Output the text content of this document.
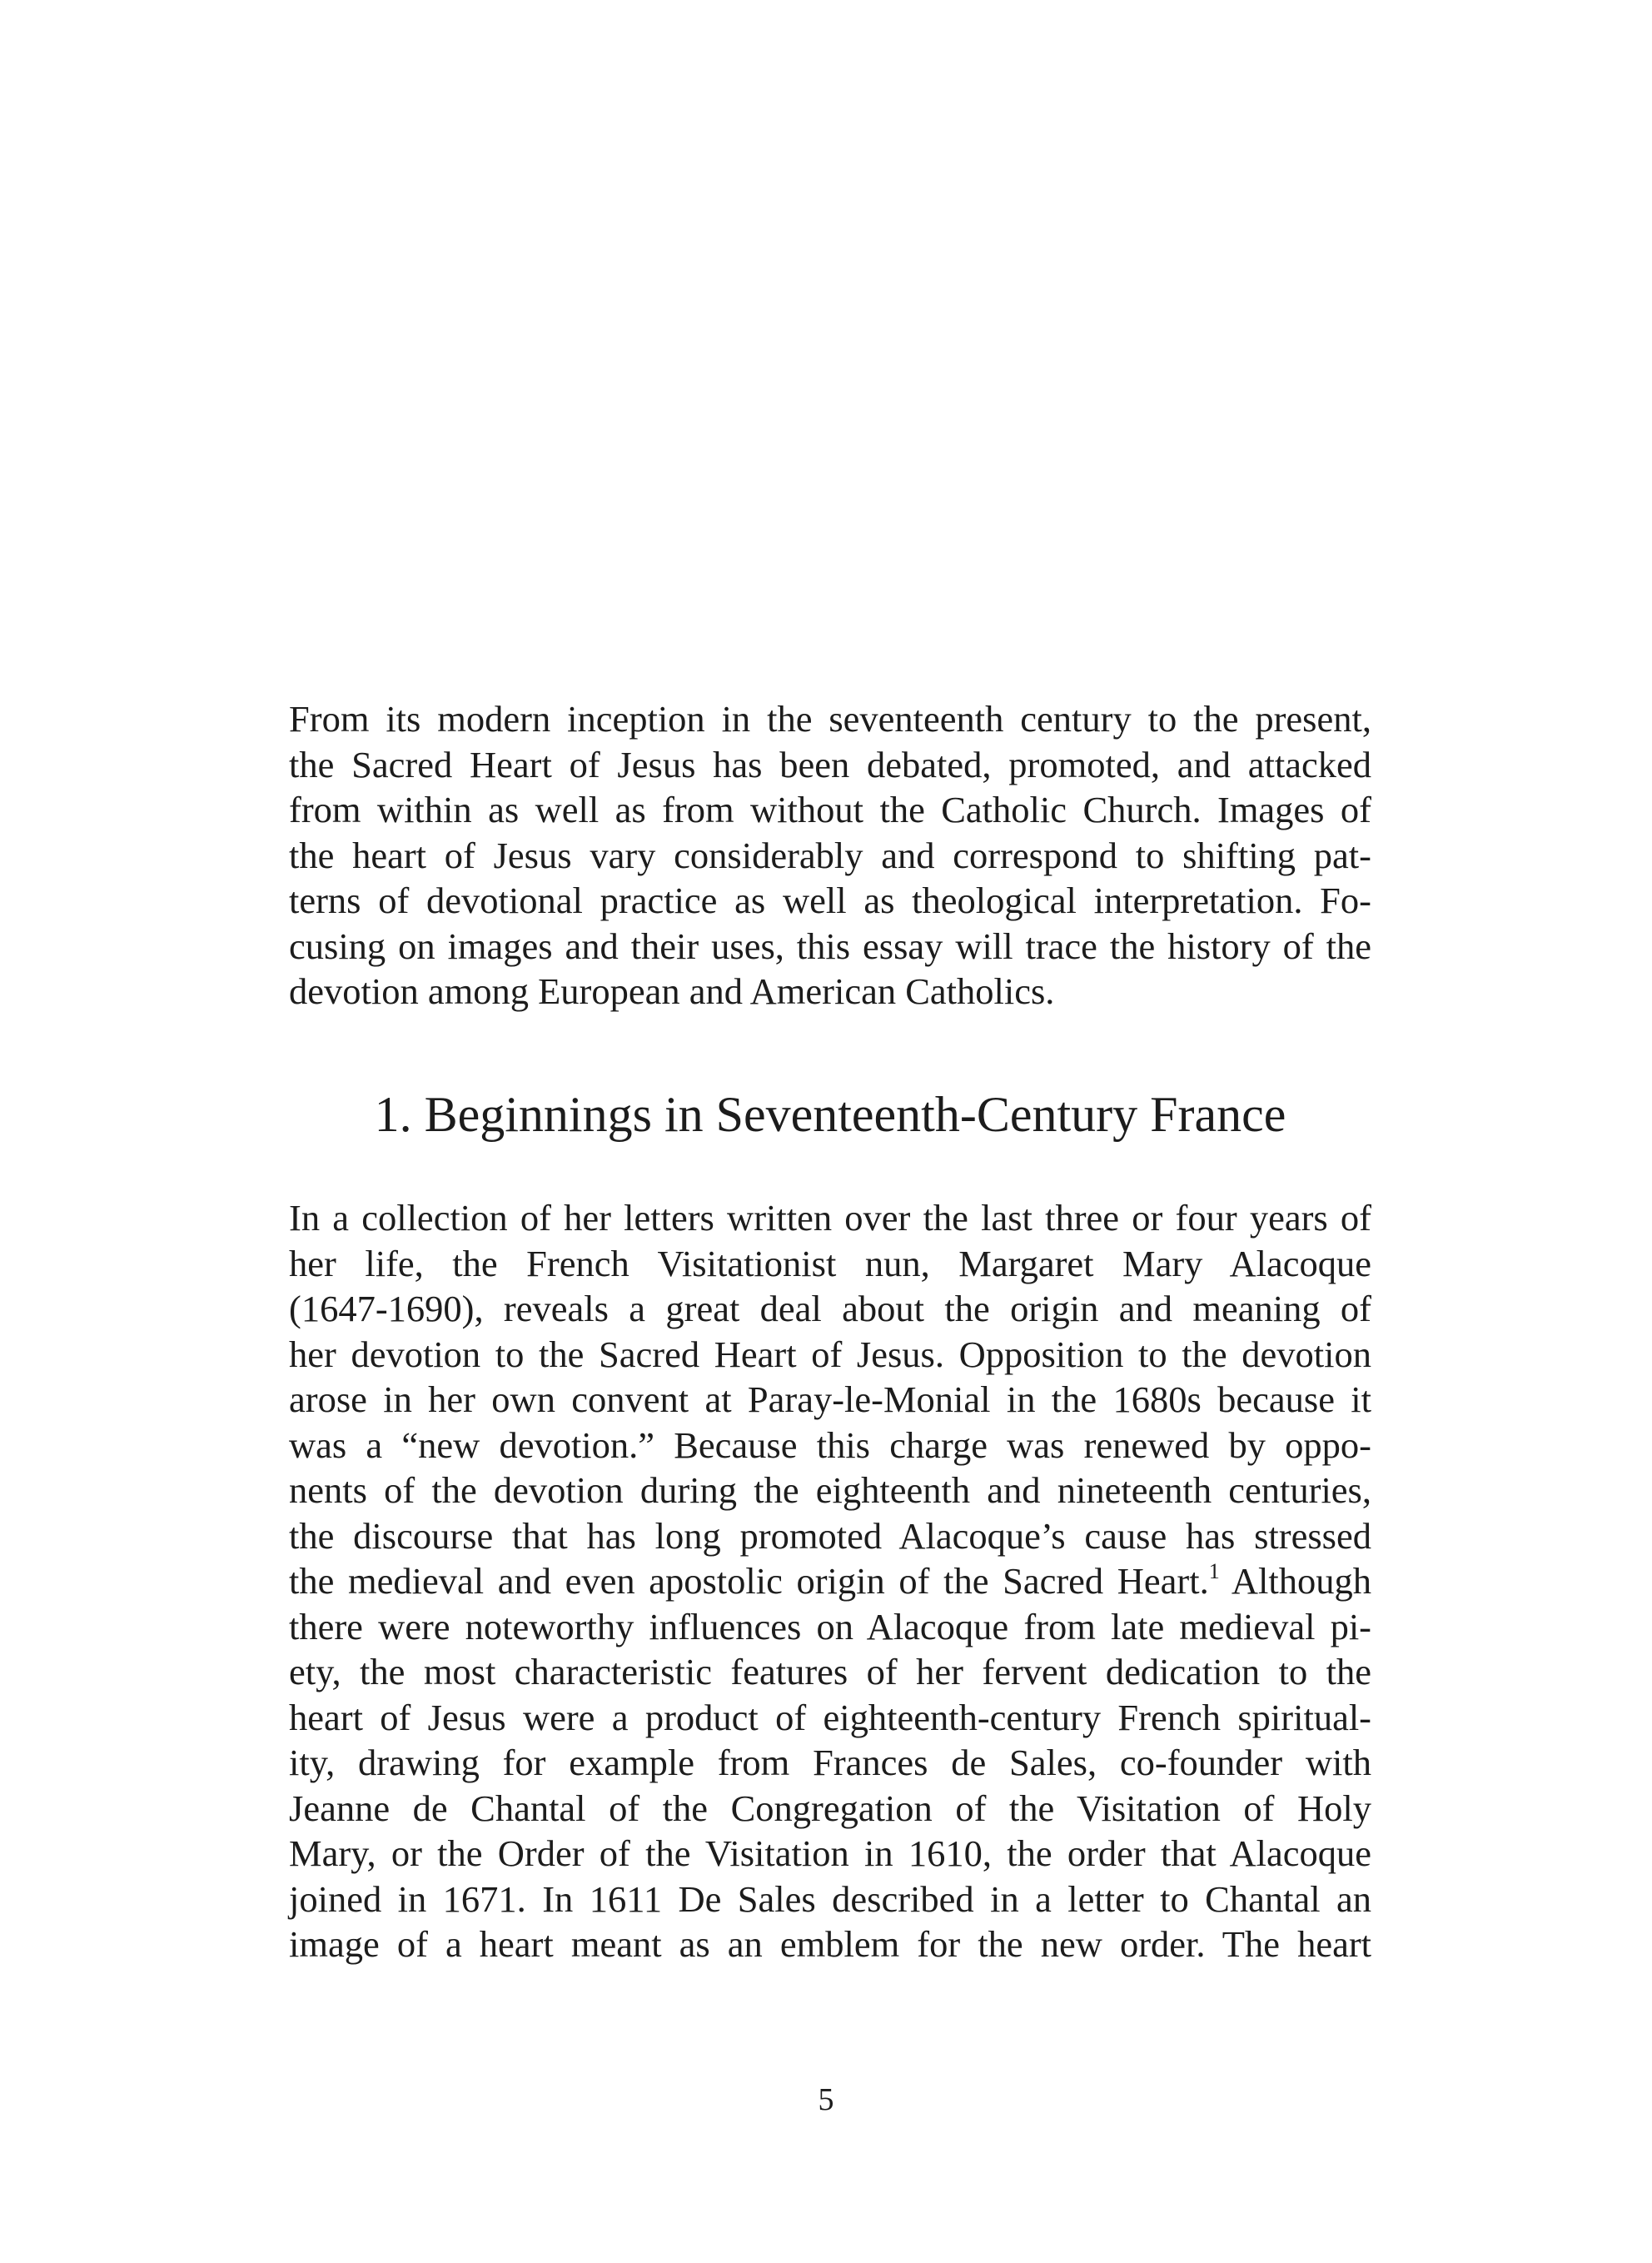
From its modern inception in the seventeenth century to the present,
the Sacred Heart of Jesus has been debated, promoted, and attacked
from within as well as from without the Catholic Church. Images of
the heart of Jesus vary considerably and correspond to shifting pat-
terns of devotional practice as well as theological interpretation. Fo-
cusing on images and their uses, this essay will trace the history of the
devotion among European and American Catholics.
1. Beginnings in Seventeenth-Century France
In a collection of her letters written over the last three or four years of
her life, the French Visitationist nun, Margaret Mary Alacoque
(1647-1690), reveals a great deal about the origin and meaning of
her devotion to the Sacred Heart of Jesus. Opposition to the devotion
arose in her own convent at Paray-le-Monial in the 1680s because it
was a “new devotion.” Because this charge was renewed by oppo-
nents of the devotion during the eighteenth and nineteenth centuries,
the discourse that has long promoted Alacoque’s cause has stressed
the medieval and even apostolic origin of the Sacred Heart.$^1$ Although
there were noteworthy influences on Alacoque from late medieval pi-
ety, the most characteristic features of her fervent dedication to the
heart of Jesus were a product of eighteenth-century French spiritual-
ity, drawing for example from Frances de Sales, co-founder with
Jeanne de Chantal of the Congregation of the Visitation of Holy
Mary, or the Order of the Visitation in 1610, the order that Alacoque
joined in 1671. In 1611 De Sales described in a letter to Chantal an
image of a heart meant as an emblem for the new order. The heart
5
